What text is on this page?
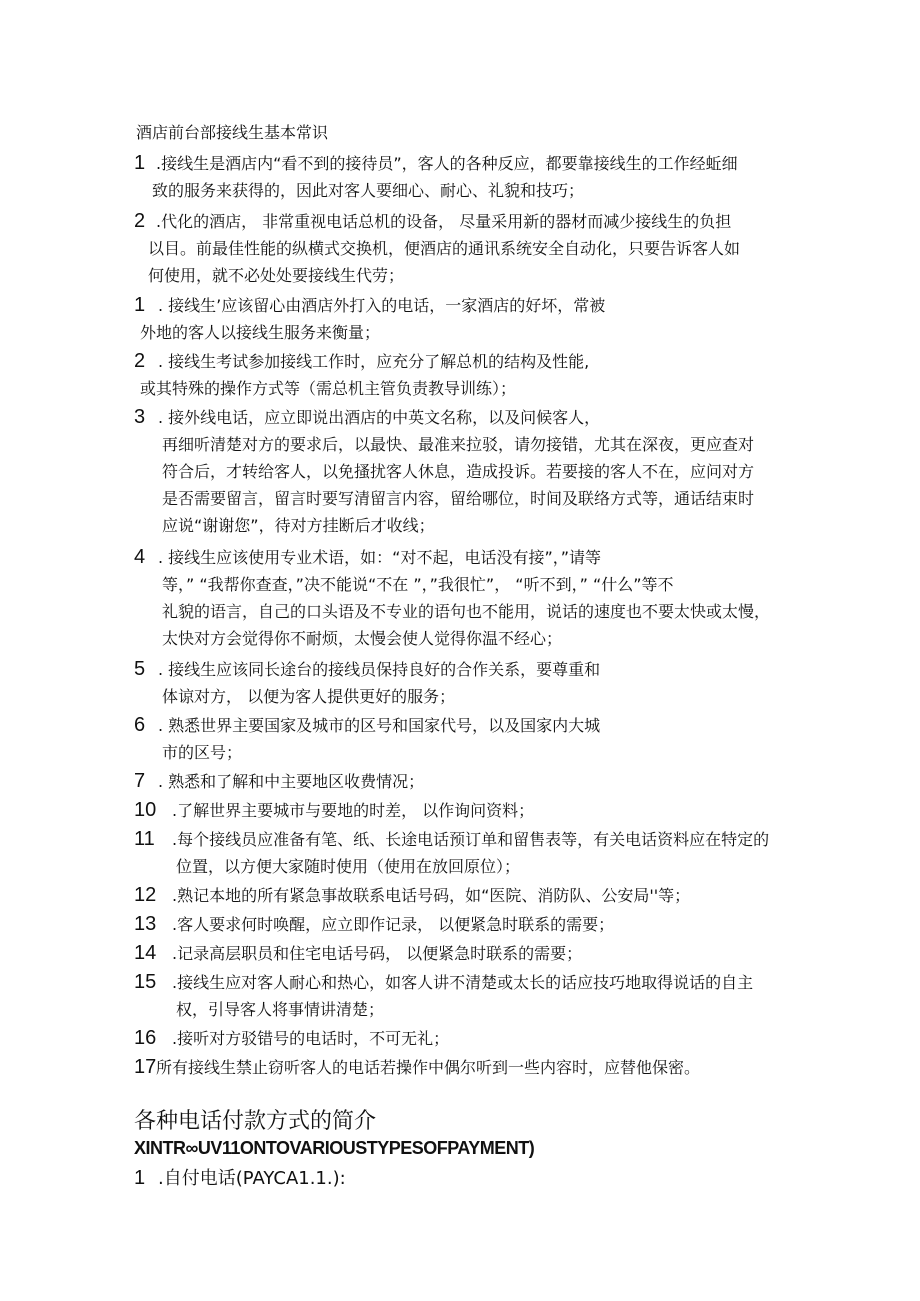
酒店前台部接线生基本常识
1 .接线生是酒店内“看不到的接待员”，客人的各种反应，都要靠接线生的工作经蚯细
致的服务来获得的，因此对客人要细心、耐心、礼貌和技巧；
2 .代化的酒店， 非常重视电话总机的设备， 尽量采用新的器材而减少接线生的负担
以目。前最佳性能的纵横式交换机，便酒店的通讯系统安全自动化，只要告诉客人如
何使用，就不必处处要接线生代劳；
1 . 接线生’应该留心由酒店外打入的电话，一家酒店的好坏，常被
外地的客人以接线生服务来衡量；
2 . 接线生考试参加接线工作时，应充分了解总机的结构及性能,
或其特殊的操作方式等（需总机主管负责教导训练）；
3 . 接外线电话，应立即说出酒店的中英文名称，以及问候客人，
再细听清楚对方的要求后，以最快、最准来拉驳，请勿接错，尤其在深夜，更应查对
符合后，才转给客人，以免搔扰客人休息，造成投诉。若要接的客人不在，应问对方
是否需要留言，留言时要写清留言内容，留给哪位，时间及联络方式等，通话结束时
应说“谢谢您”，待对方挂断后才收线；
4 . 接线生应该使用专业术语，如：“对不起，电话没有接”，”请等
等，” “我帮你查查，”决不能说“不在 ”，”我很忙”， “听不到，” “什么”等不
礼貌的语言，自己的口头语及不专业的语句也不能用，说话的速度也不要太快或太慢，
太快对方会觉得你不耐烦，太慢会使人觉得你温不经心；
5 . 接线生应该同长途台的接线员保持良好的合作关系，要尊重和
体谅对方， 以便为客人提供更好的服务；
6 . 熟悉世界主要国家及城市的区号和国家代号，以及国家内大城
市的区号；
7 . 熟悉和了解和中主要地区收费情况；
10 .了解世界主要城市与要地的时差， 以作询问资料；
11 .每个接线员应准备有笔、纸、长途电话预订单和留售表等，有关电话资料应在特定的
位置，以方便大家随时使用（使用在放回原位）；
12 .熟记本地的所有紧急事故联系电话号码，如“医院、消防队、公安局''等；
13 .客人要求何时唤醒，应立即作记录， 以便紧急时联系的需要；
14 .记录高层职员和住宅电话号码， 以便紧急时联系的需要；
15 .接线生应对客人耐心和热心，如客人讲不清楚或太长的话应技巧地取得说话的自主
权，引导客人将事情讲清楚；
16 .接听对方驳错号的电话时，不可无礼；
17所有接线生禁止窃听客人的电话若操作中偶尔听到一些内容时，应替他保密。
各种电话付款方式的简介
XINTR∞UV11ONTOVARIOUSTYPESOFPAYMENT)
1 .自付电话(PAYCA1.1.):
